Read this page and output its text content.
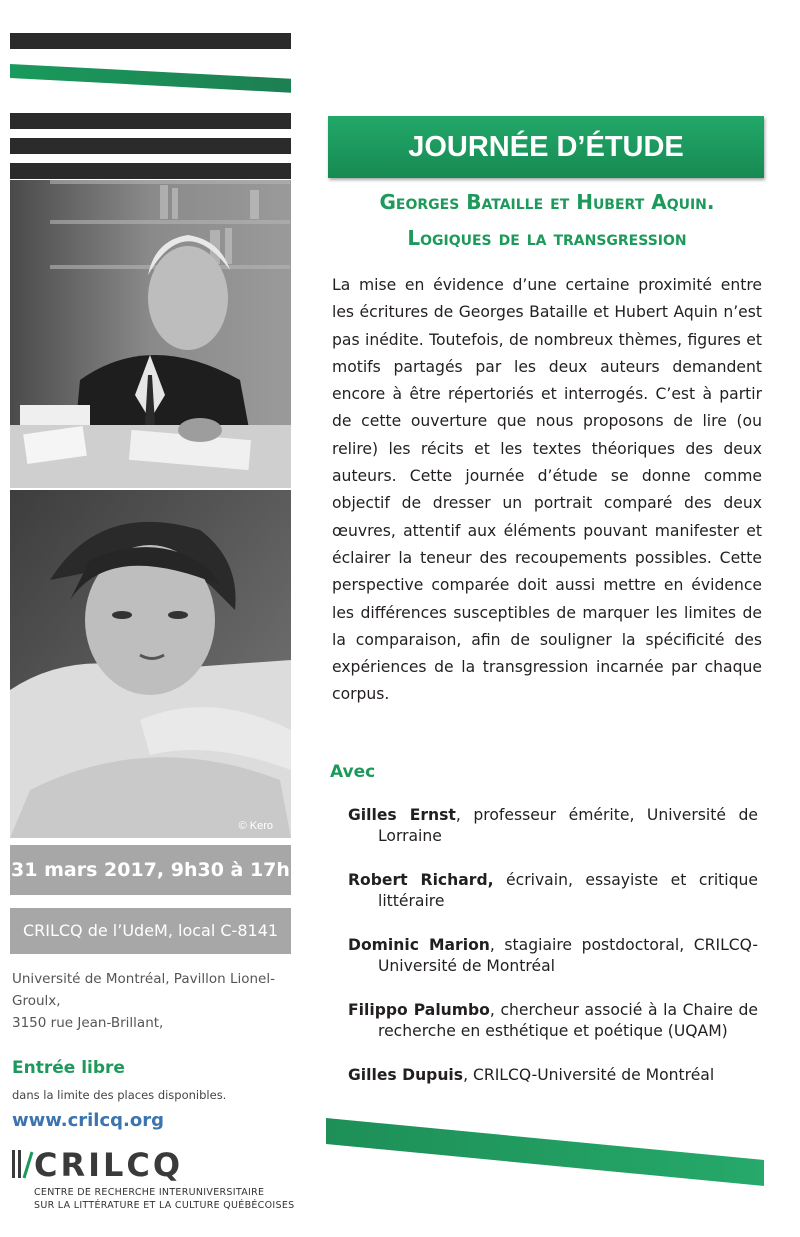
© Kero
31 mars 2017, 9h30 à 17h
CRILCQ de l’UdeM, local C-8141
Université de Montréal, Pavillon Lionel-Groulx,
3150 rue Jean-Brillant,
Entrée libre
dans la limite des places disponibles.
www.crilcq.org
CRILCQ
CENTRE DE RECHERCHE INTERUNIVERSITAIRE
SUR LA LITTÉRATURE ET LA CULTURE QUÉBÉCOISES
JOURNÉE D’ÉTUDE
Georges Bataille et Hubert Aquin.
Logiques de la transgression
La mise en évidence d’une certaine proximité entre les écritures de Georges Bataille et Hubert Aquin n’est pas inédite. Toutefois, de nombreux thèmes, figures et motifs partagés par les deux auteurs demandent encore à être répertoriés et interrogés. C’est à partir de cette ouverture que nous proposons de lire (ou relire) les récits et les textes théoriques des deux auteurs. Cette journée d’étude se donne comme objectif de dresser un portrait comparé des deux œuvres, attentif aux éléments pouvant manifester et éclairer la teneur des recoupements possibles. Cette perspective comparée doit aussi mettre en évidence les différences susceptibles de marquer les limites de la comparaison, afin de souligner la spécificité des expériences de la transgression incarnée par chaque corpus.
Avec
Gilles Ernst, professeur émérite, Université de Lorraine
Robert Richard, écrivain, essayiste et critique littéraire
Dominic Marion, stagiaire postdoctoral, CRILCQ-Université de Montréal
Filippo Palumbo, chercheur associé à la Chaire de recherche en esthétique et poétique (UQAM)
Gilles Dupuis, CRILCQ-Université de Montréal
